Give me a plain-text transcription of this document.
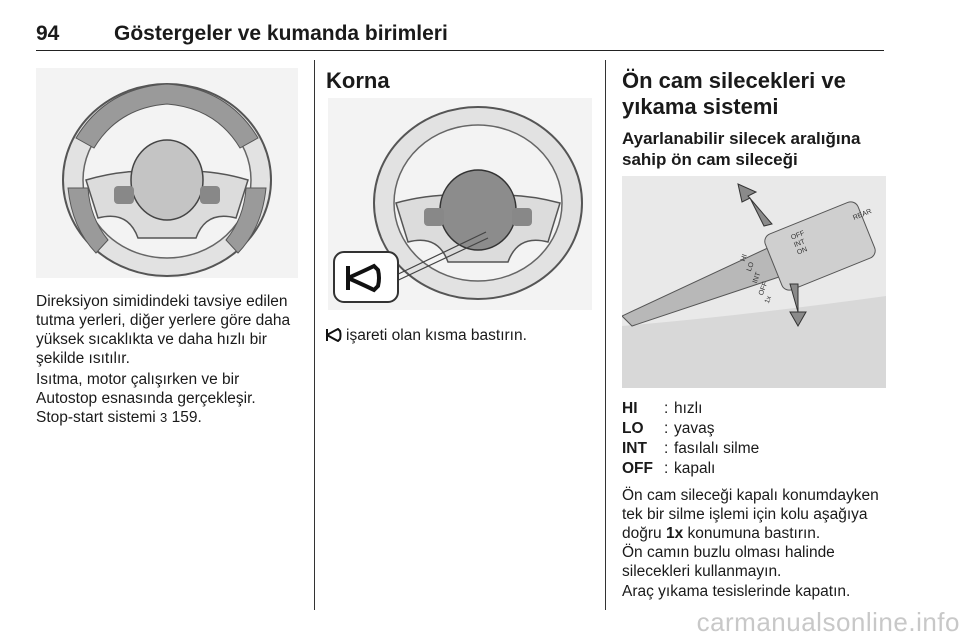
94	Göstergeler ve kumanda birimleri

Direksiyon simidindeki tavsiye edilen tutma yerleri, diğer yerlere göre daha yüksek sıcaklıkta ve daha hızlı bir şekilde ısıtılır.

Isıtma, motor çalışırken ve bir Autostop esnasında gerçekleşir.

Stop-start sistemi 3 159.

Korna

işareti olan kısma bastırın.

Ön cam silecekleri ve
yıkama sistemi
Ayarlanabilir silecek aralığına
sahip ön cam sileceği
OFF
INT
ON
REAR
HI
LO
INT
OFF
1x
HI : hızlı
LO : yavaş
INT : fasılalı silme
OFF : kapalı

Ön cam sileceği kapalı konumdayken tek bir silme işlemi için kolu aşağıya doğru 1x konumuna bastırın.

Ön camın buzlu olması halinde silecekleri kullanmayın.

Araç yıkama tesislerinde kapatın.

carmanualsonline.info
